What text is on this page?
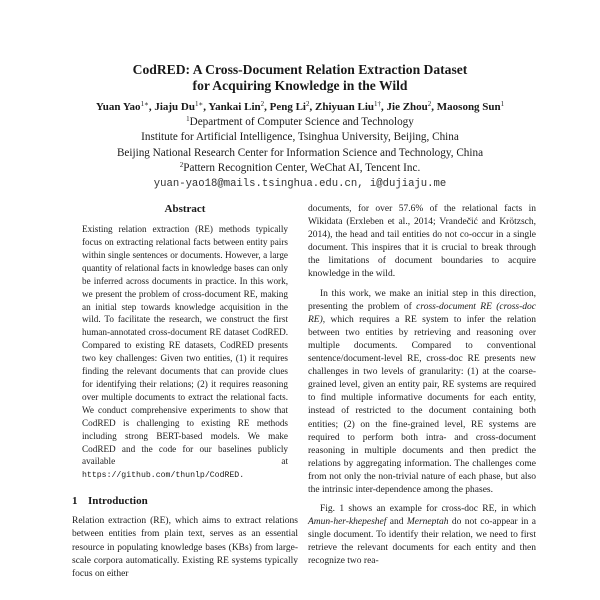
CodRED: A Cross-Document Relation Extraction Dataset
for Acquiring Knowledge in the Wild
Yuan Yao$^{1∗}$, Jiaju $Du^{1∗}$, Yankai Lin$^2$, Peng Li$^2$, Zhiyuan Liu$^{1\dagger}$, Jie Zhou$^2$, Maosong Sun$^1$
$^1$Department of Computer Science and Technology
Institute for Artificial Intelligence, Tsinghua University, Beijing, China
Beijing National Research Center for Information Science and Technology, China
$^2$Pattern Recognition Center, WeChat AI, Tencent Inc.
yuan-yao18@mails.tsinghua.edu.cn, i@dujiaju.me
Abstract
Existing relation extraction (RE) methods typically focus on extracting relational facts between entity pairs within single sentences or documents. However, a large quantity of relational facts in knowledge bases can only be inferred across documents in practice. In this work, we present the problem of cross-document RE, making an initial step towards knowledge acquisition in the wild. To facilitate the research, we construct the first human-annotated cross-document RE dataset CodRED. Compared to existing RE datasets, CodRED presents two key challenges: Given two entities, (1) it requires finding the relevant documents that can provide clues for identifying their relations; (2) it requires reasoning over multiple documents to extract the relational facts. We conduct comprehensive experiments to show that CodRED is challenging to existing RE methods including strong BERT-based models. We make CodRED and the code for our baselines publicly available at https://github.com/thunlp/CodRED.
1 Introduction

Relation extraction (RE), which aims to extract relations between entities from plain text, serves as an essential resource in populating knowledge bases (KBs) from large-scale corpora automatically. Existing RE systems typically focus on either

documents, for over 57.6% of the relational facts in Wikidata (Erxleben et al., 2014; Vrandečić and Krötzsch, 2014), the head and tail entities do not co-occur in a single document. This inspires that it is crucial to break through the limitations of document boundaries to acquire knowledge in the wild.

In this work, we make an initial step in this direction, presenting the problem of cross-document RE (cross-doc RE), which requires a RE system to infer the relation between two entities by retrieving and reasoning over multiple documents. Compared to conventional sentence/document-level RE, cross-doc RE presents new challenges in two levels of granularity: (1) at the coarse-grained level, given an entity pair, RE systems are required to find multiple informative documents for each entity, instead of restricted to the document containing both entities; (2) on the fine-grained level, RE systems are required to perform both intra- and cross-document reasoning in multiple documents and then predict the relations by aggregating information. The challenges come from not only the non-trivial nature of each phase, but also the intrinsic inter-dependence among the phases.

Fig. 1 shows an example for cross-doc RE, in which Amun-her-khepeshef and Merneptah do not co-appear in a single document. To identify their relation, we need to first retrieve the relevant documents for each entity and then recognize two rea-
